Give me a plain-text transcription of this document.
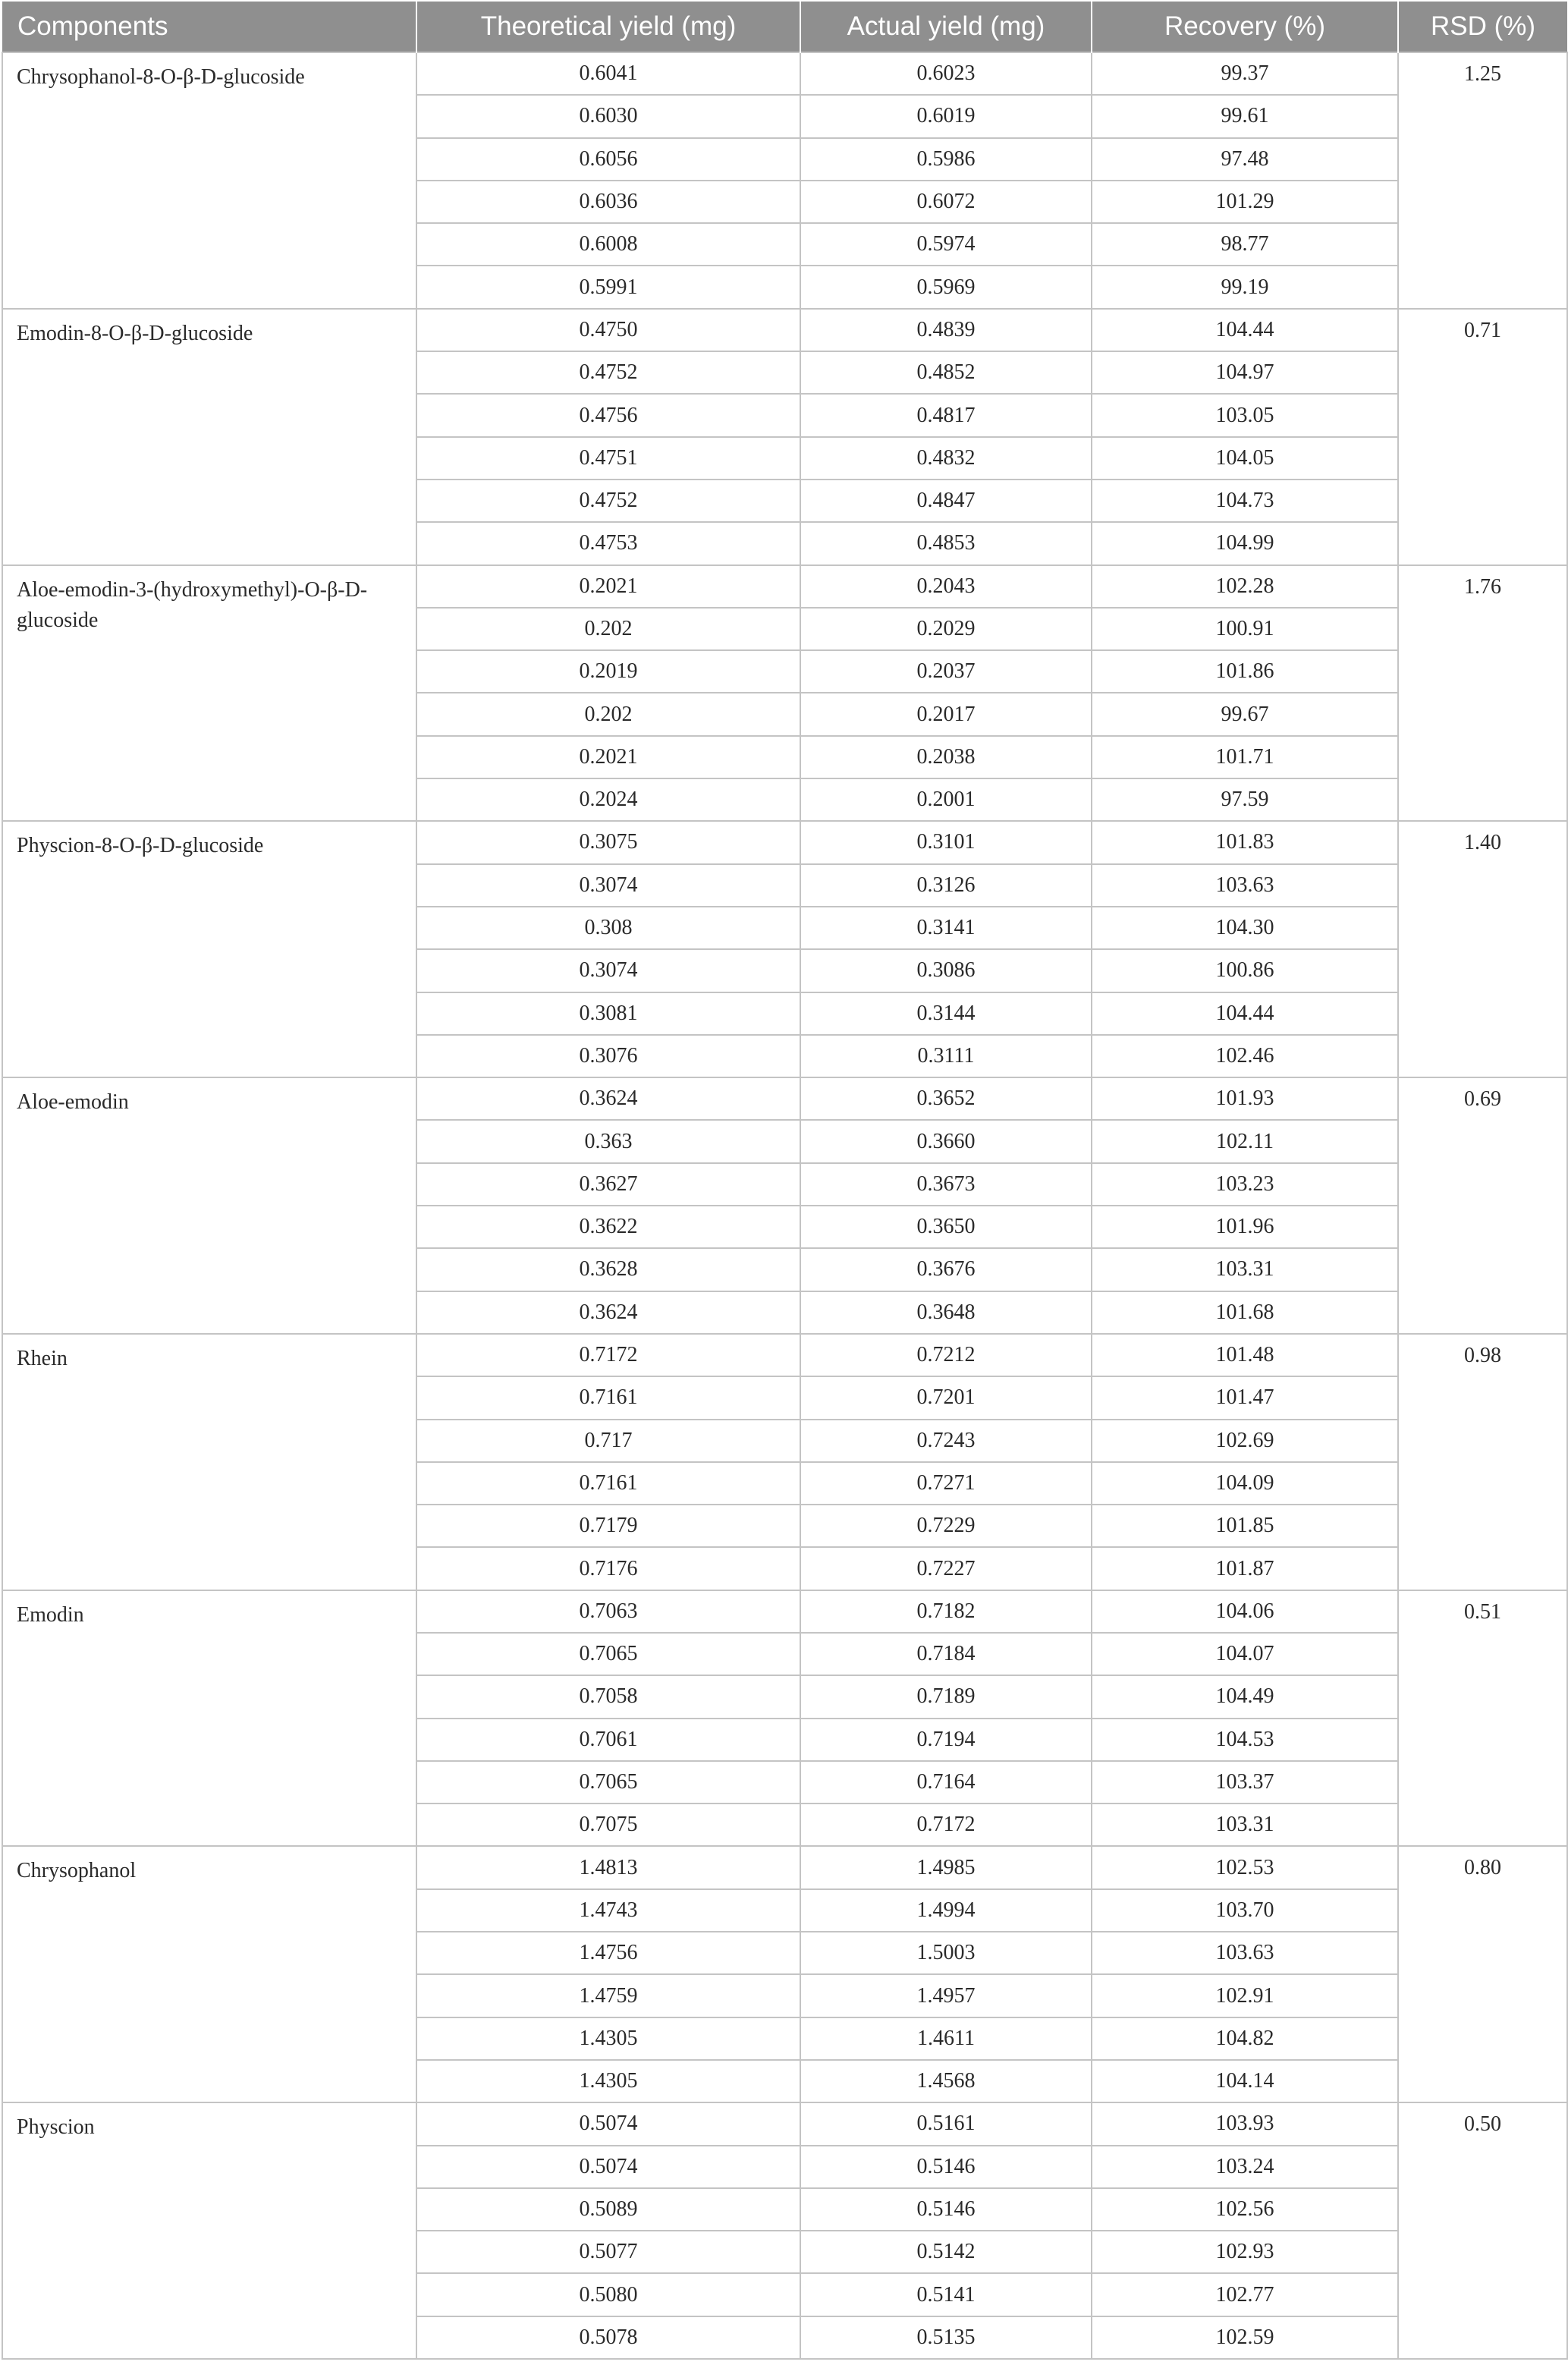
Components	Theoretical yield (mg)	Actual yield (mg)	Recovery (%)	RSD (%)
Chrysophanol-8-O-β-D-glucoside	0.6041	0.6023	99.37	1.25
	0.6030	0.6019	99.61	
	0.6056	0.5986	97.48	
	0.6036	0.6072	101.29	
	0.6008	0.5974	98.77	
	0.5991	0.5969	99.19	
Emodin-8-O-β-D-glucoside	0.4750	0.4839	104.44	0.71
	0.4752	0.4852	104.97	
	0.4756	0.4817	103.05	
	0.4751	0.4832	104.05	
	0.4752	0.4847	104.73	
	0.4753	0.4853	104.99	
Aloe-emodin-3-(hydroxymethyl)-O-β-D-glucoside	0.2021	0.2043	102.28	1.76
	0.202	0.2029	100.91	
	0.2019	0.2037	101.86	
	0.202	0.2017	99.67	
	0.2021	0.2038	101.71	
	0.2024	0.2001	97.59	
Physcion-8-O-β-D-glucoside	0.3075	0.3101	101.83	1.40
	0.3074	0.3126	103.63	
	0.308	0.3141	104.30	
	0.3074	0.3086	100.86	
	0.3081	0.3144	104.44	
	0.3076	0.3111	102.46	
Aloe-emodin	0.3624	0.3652	101.93	0.69
	0.363	0.3660	102.11	
	0.3627	0.3673	103.23	
	0.3622	0.3650	101.96	
	0.3628	0.3676	103.31	
	0.3624	0.3648	101.68	
Rhein	0.7172	0.7212	101.48	0.98
	0.7161	0.7201	101.47	
	0.717	0.7243	102.69	
	0.7161	0.7271	104.09	
	0.7179	0.7229	101.85	
	0.7176	0.7227	101.87	
Emodin	0.7063	0.7182	104.06	0.51
	0.7065	0.7184	104.07	
	0.7058	0.7189	104.49	
	0.7061	0.7194	104.53	
	0.7065	0.7164	103.37	
	0.7075	0.7172	103.31	
Chrysophanol	1.4813	1.4985	102.53	0.80
	1.4743	1.4994	103.70	
	1.4756	1.5003	103.63	
	1.4759	1.4957	102.91	
	1.4305	1.4611	104.82	
	1.4305	1.4568	104.14	
Physcion	0.5074	0.5161	103.93	0.50
	0.5074	0.5146	103.24	
	0.5089	0.5146	102.56	
	0.5077	0.5142	102.93	
	0.5080	0.5141	102.77	
	0.5078	0.5135	102.59	
